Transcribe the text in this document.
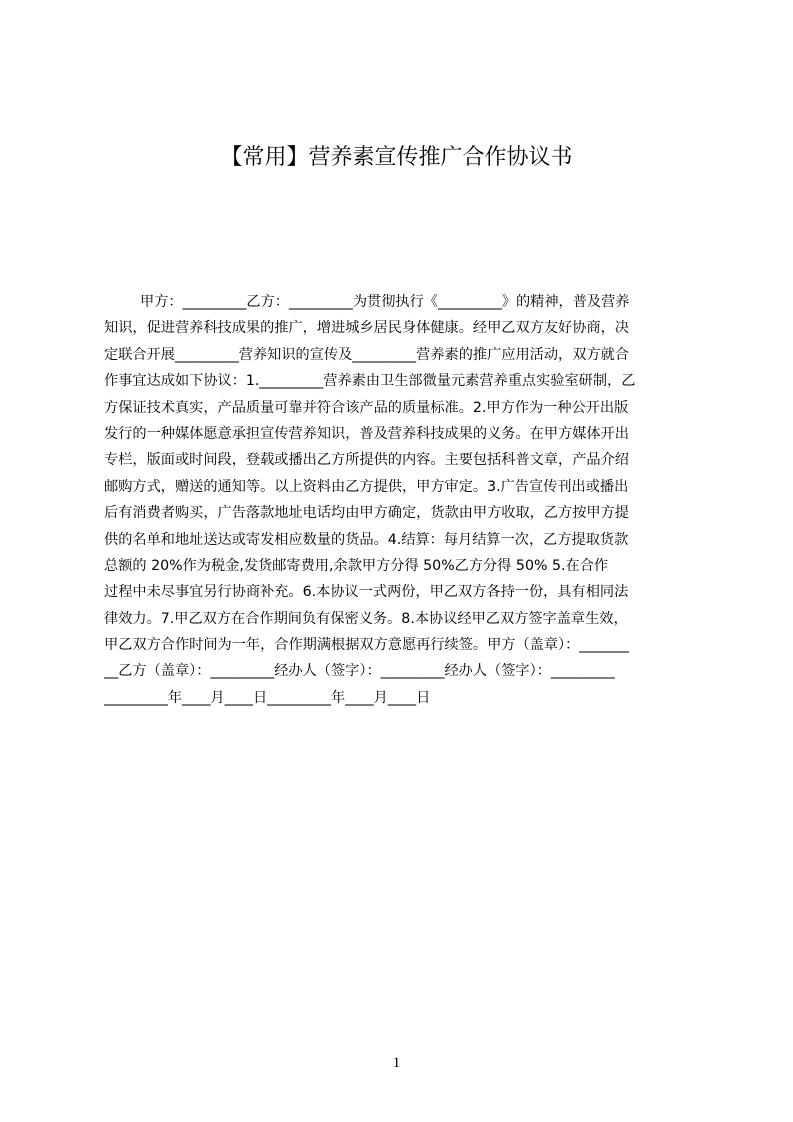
【常用】营养素宣传推广合作协议书
甲方：_________乙方：_________为贯彻执行《_________》的精神，普及营养
知识，促进营养科技成果的推广，增进城乡居民身体健康。经甲乙双方友好协商，决
定联合开展_________营养知识的宣传及_________营养素的推广应用活动，双方就合
作事宜达成如下协议：1._________营养素由卫生部微量元素营养重点实验室研制，乙
方保证技术真实，产品质量可靠并符合该产品的质量标准。2.甲方作为一种公开出版
发行的一种媒体愿意承担宣传营养知识，普及营养科技成果的义务。在甲方媒体开出
专栏，版面或时间段，登载或播出乙方所提供的内容。主要包括科普文章，产品介绍
邮购方式，赠送的通知等。以上资料由乙方提供，甲方审定。3.广告宣传刊出或播出
后有消费者购买，广告落款地址电话均由甲方确定，货款由甲方收取，乙方按甲方提
供的名单和地址送达或寄发相应数量的货品。4.结算：每月结算一次，乙方提取货款
总额的 20%作为税金,发货邮寄费用,余款甲方分得 50%乙方分得 50% 5.在合作
过程中未尽事宜另行协商补充。6.本协议一式两份，甲乙双方各持一份，具有相同法
律效力。7.甲乙双方在合作期间负有保密义务。8.本协议经甲乙双方签字盖章生效，
甲乙双方合作时间为一年，合作期满根据双方意愿再行续签。甲方（盖章）：_______
__乙方（盖章）：_________经办人（签字）：_________经办人（签字）：_________
_________年____月____日_________年____月____日
1
